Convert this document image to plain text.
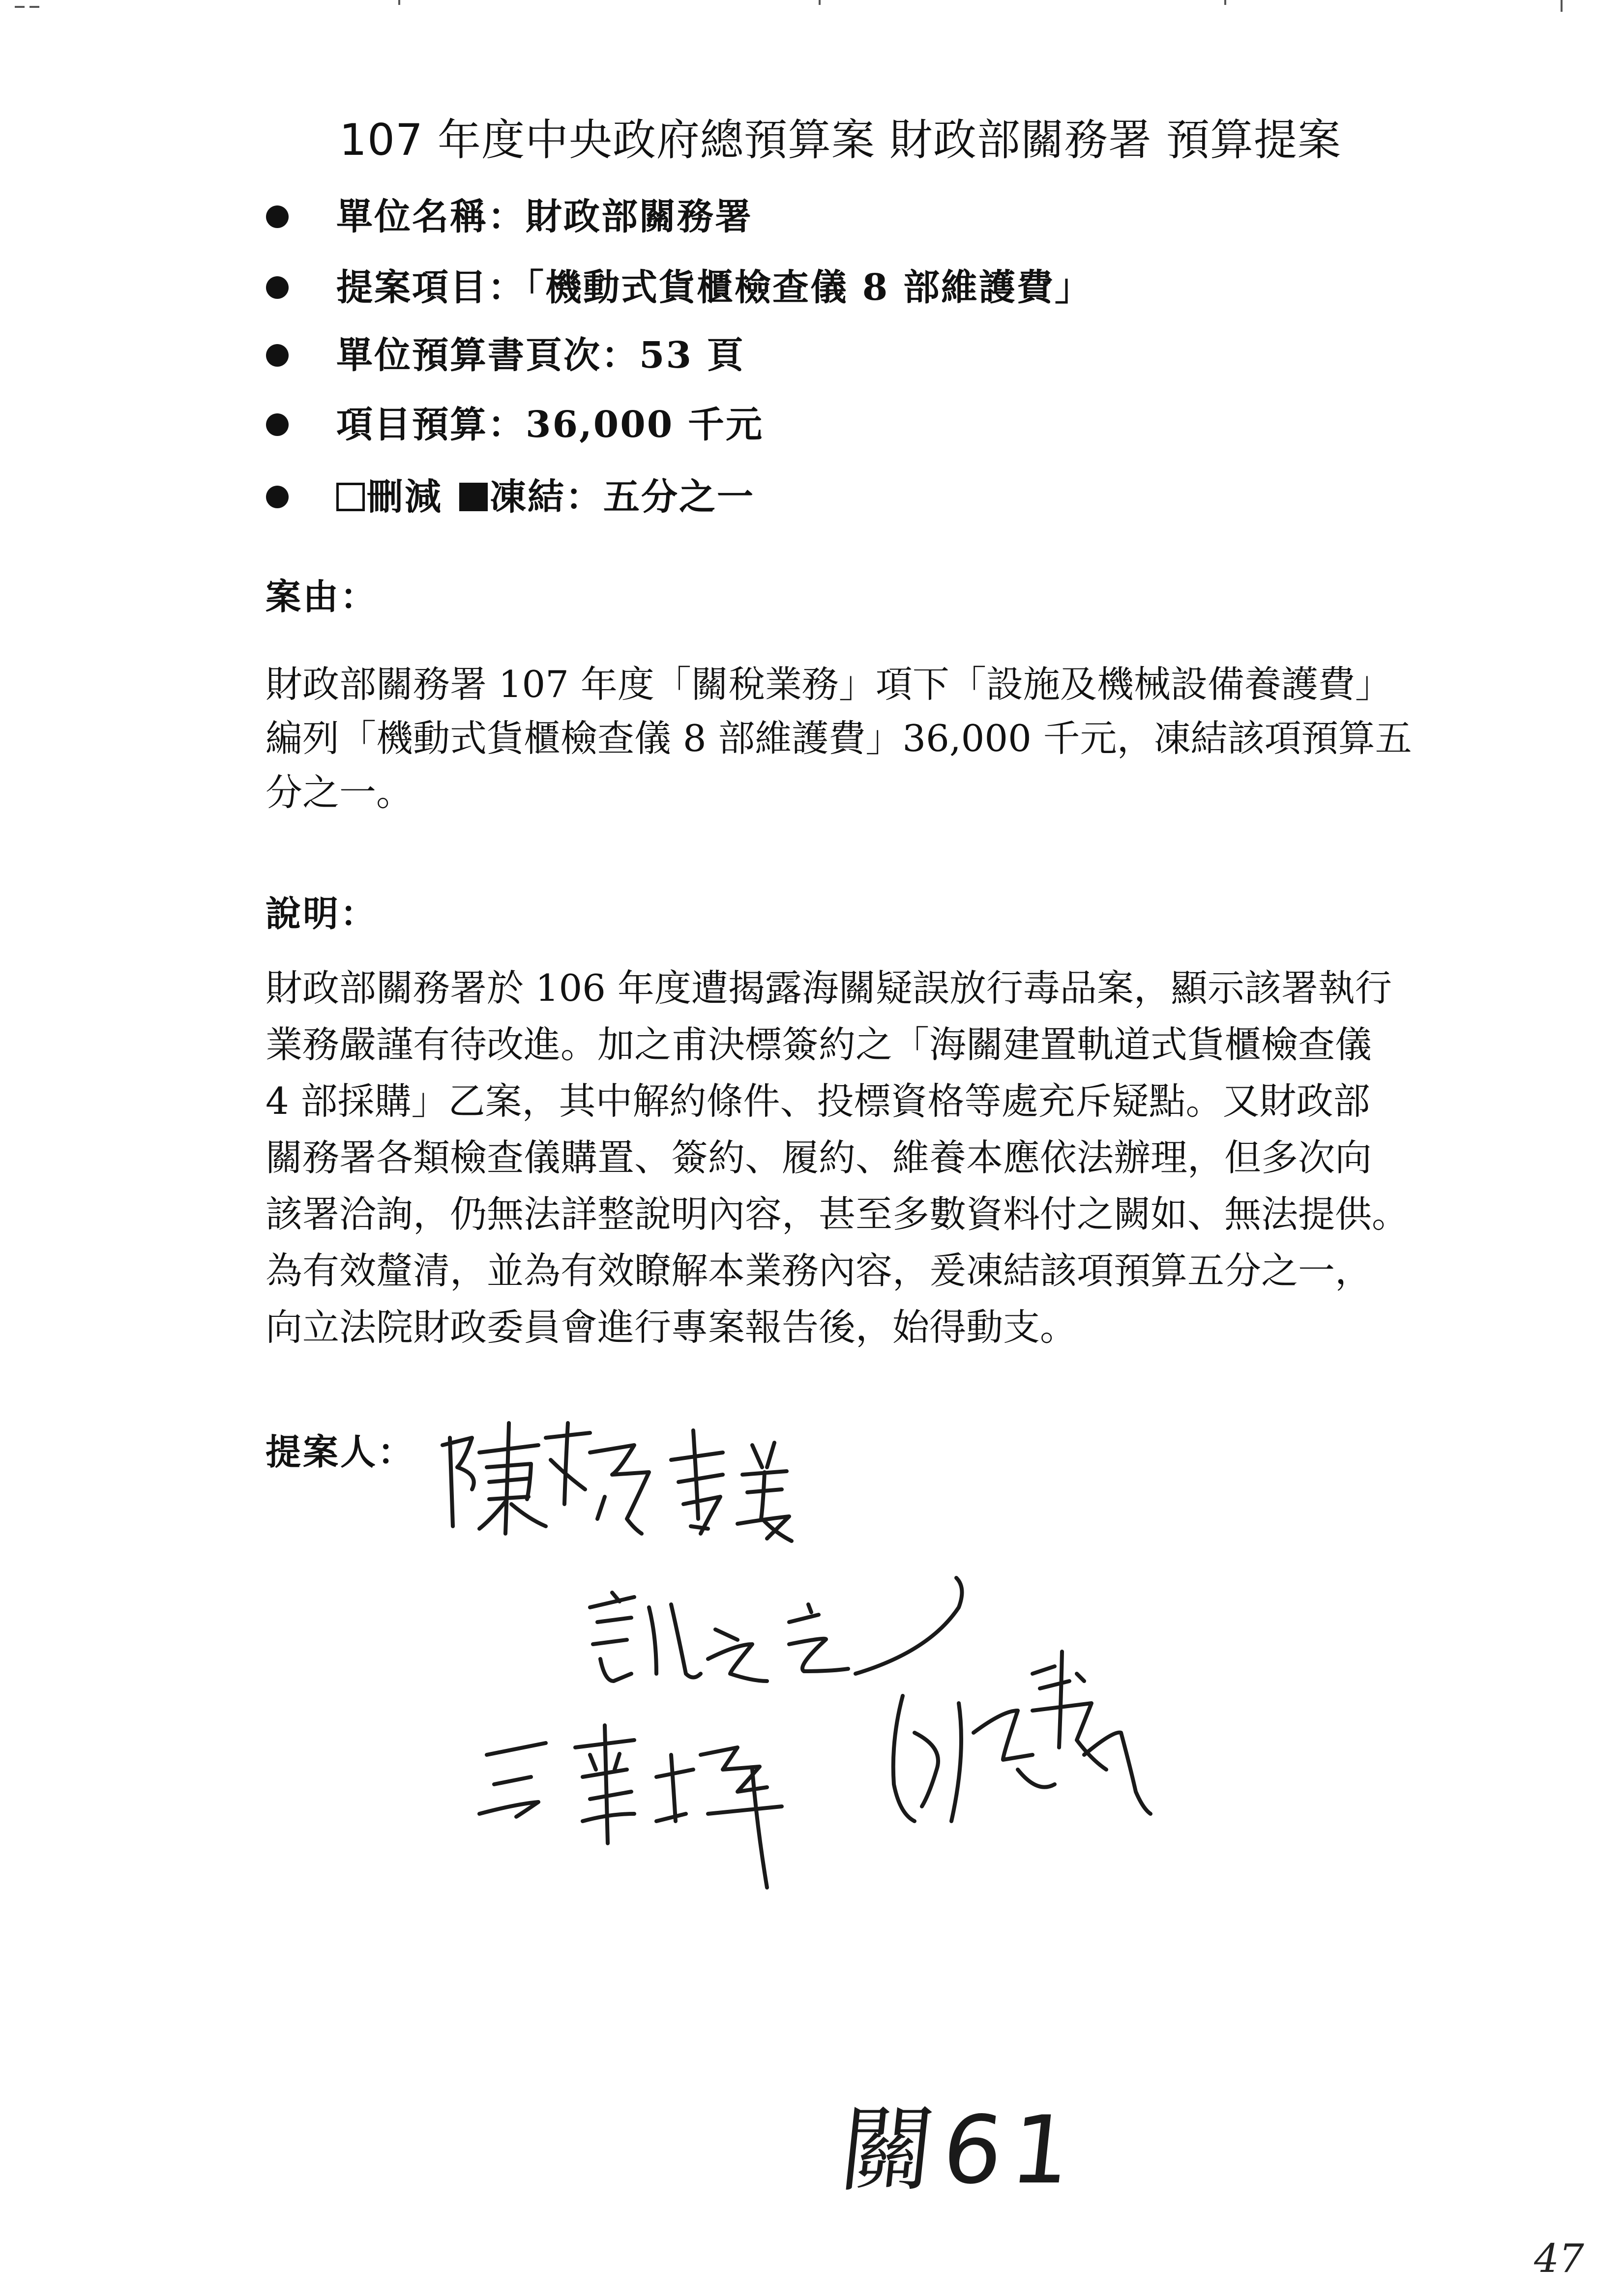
107 年度中央政府總預算案 財政部關務署 預算提案
單位名稱：財政部關務署
提案項目：「機動式貨櫃檢查儀 8 部維護費」
單位預算書頁次：53 頁
項目預算：36,000 千元
刪減 凍結： 五分之一
案由：
財政部關務署 107 年度「關稅業務」項下「設施及機械設備養護費」
編列「機動式貨櫃檢查儀 8 部維護費」36,000 千元，凍結該項預算五
分之一。
說明：
財政部關務署於 106 年度遭揭露海關疑誤放行毒品案，顯示該署執行
業務嚴謹有待改進。加之甫決標簽約之「海關建置軌道式貨櫃檢查儀
4 部採購」乙案，其中解約條件、投標資格等處充斥疑點。又財政部
關務署各類檢查儀購置、簽約、履約、維養本應依法辦理，但多次向
該署洽詢，仍無法詳整說明內容，甚至多數資料付之闕如、無法提供。
為有效釐清，並為有效瞭解本業務內容，爰凍結該項預算五分之一，
向立法院財政委員會進行專案報告後，始得動支。
提案人：
關61
47
